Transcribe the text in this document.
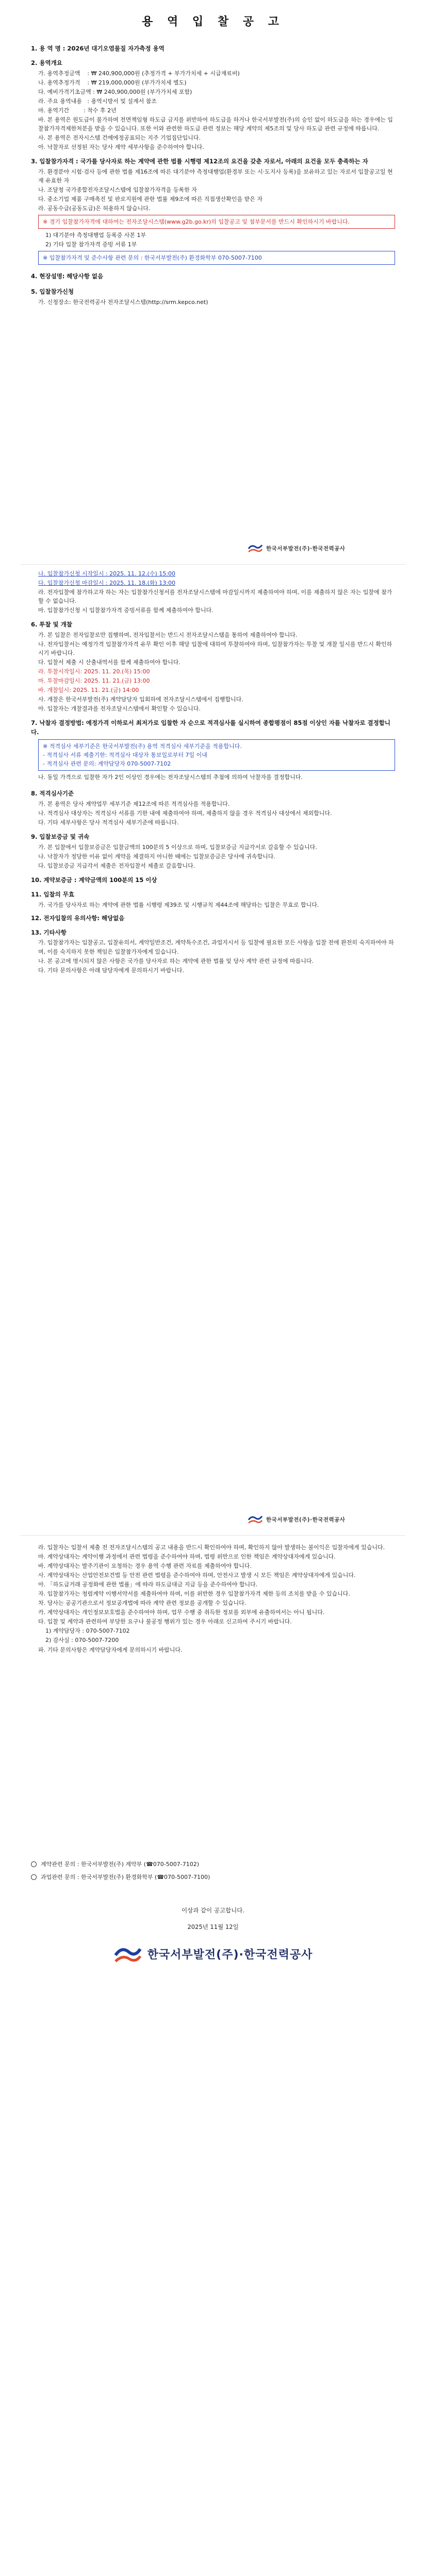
용 역 입 찰 공 고
1. 용 역 명 : 2026년 대기오염물질 자가측정 용역
2. 용역개요
가. 용역추정금액    : ₩ 240,900,000원 (추정가격 + 부가가치세 + 시급재료비)
나. 용역추정가격    : ₩ 219,000,000원 (부가가치세 별도)
다. 예비가격기초금액 : ₩ 240,900,000원 (부가가치세 포함)
라. 주요 용역내용   : 용역시방서 및 설계서 참조
마. 용역기간        : 착수 후 2년
바. 본 용역은 원도급이 불가하며 전면책임형 하도급 금지를 위반하여 하도급을 하거나 한국서부발전(주)의 승인 없이 하도급을 하는 경우에는 입찰참가자격제한처분을 받을 수 있습니다. 또한 이와 관련한 하도급 관련 정보는 해당 계약의 제5조의 및 당사 하도급 관련 규정에 따릅니다.
사. 본 용역은 전자시스템 건예에정공표되는 지주 기업집단입니다.
아. 낙찰자로 선정된 자는 당사 계약 세부사항을 준수하여야 합니다.
3. 입찰참가자격 : 국가를 당사자로 하는 계약에 관한 법률 시행령 제12조의 요건을 갖춘 자로서, 아래의 요건을 모두 충족하는 자
가. 환경분야 시험·검사 등에 관한 법률 제16조에 따른 대기분야 측정대행업(환경부 또는 시·도지사 등록)을 보유하고 있는 자로서 입찰공고일 현재 유효한 자
나. 조달청 국가종합전자조달시스템에 입찰참가자격을 등록한 자
다. 중소기업 제품 구매촉진 및 판로지원에 관한 법률 제9조에 따른 직접생산확인을 받은 자
라. 공동수급(공동도급)은 허용하지 않습니다.
※ 경기 입찰참가자격에 대하여는 전자조달시스템(www.g2b.go.kr)의 입찰공고 및 첨부문서를 반드시 확인하시기 바랍니다.
1) 대기분야 측정대행업 등록증 사본 1부
2) 기타 입찰 참가자격 증빙 서류 1부
※ 입찰참가자격 및 준수사항 관련 문의 : 한국서부발전(주) 환경화학부 070-5007-7100
4. 현장설명: 해당사항 없음
5. 입찰참가신청
가. 신청장소: 한국전력공사 전자조달시스템(http://srm.kepco.net)
한국서부발전(주)·한국전력공사
나. 입찰참가신청 시작일시 : 2025. 11. 12.(수) 15:00
다. 입찰참가신청 마감일시 : 2025. 11. 18.(화) 13:00
라. 전자입찰에 참가하고자 하는 자는 입찰참가신청서를 전자조달시스템에 마감일시까지 제출하여야 하며, 이를 제출하지 않은 자는 입찰에 참가할 수 없습니다.
마. 입찰참가신청 시 입찰참가자격 증빙서류를 함께 제출하여야 합니다.
6. 투찰 및 개찰
가. 본 입찰은 전자입찰로만 집행하며, 전자입찰서는 반드시 전자조달시스템을 통하여 제출하여야 합니다.
나. 전자입찰서는 예정가격 입찰참가자격 유무 확인 이후 해당 입찰에 대하여 투찰하여야 하며, 입찰참가자는 투찰 및 개찰 일시를 반드시 확인하시기 바랍니다.
다. 입찰서 제출 시 산출내역서를 함께 제출하여야 합니다.
라. 투찰시작일시: 2025. 11. 20.(목) 15:00
마. 투찰마감일시: 2025. 11. 21.(금) 13:00
바. 개찰일시: 2025. 11. 21.(금) 14:00
사. 개찰은 한국서부발전(주) 계약담당자 입회하에 전자조달시스템에서 집행합니다.
아. 입찰자는 개찰결과를 전자조달시스템에서 확인할 수 있습니다.
7. 낙찰자 결정방법: 예정가격 이하로서 최저가로 입찰한 자 순으로 적격심사를 실시하여 종합평점이 85점 이상인 자를 낙찰자로 결정합니다.
※ 적격심사 세부기준은 한국서부발전(주) 용역 적격심사 세부기준을 적용합니다.
- 적격심사 서류 제출기한: 적격심사 대상자 통보일로부터 7일 이내
- 적격심사 관련 문의: 계약담당자 070-5007-7102
나. 동일 가격으로 입찰한 자가 2인 이상인 경우에는 전자조달시스템의 추첨에 의하여 낙찰자를 결정합니다.
8. 적격심사기준
가. 본 용역은 당사 계약업무 세부기준 제12조에 따른 적격심사를 적용합니다.
나. 적격심사 대상자는 적격심사 서류를 기한 내에 제출하여야 하며, 제출하지 않을 경우 적격심사 대상에서 제외합니다.
다. 기타 세부사항은 당사 적격심사 세부기준에 따릅니다.
9. 입찰보증금 및 귀속
가. 본 입찰에서 입찰보증금은 입찰금액의 100분의 5 이상으로 하며, 입찰보증금 지급각서로 갈음할 수 있습니다.
나. 낙찰자가 정당한 이유 없이 계약을 체결하지 아니한 때에는 입찰보증금은 당사에 귀속합니다.
다. 입찰보증금 지급각서 제출은 전자입찰서 제출로 갈음합니다.
10. 계약보증금 : 계약금액의 100분의 15 이상
11. 입찰의 무효
가. 국가를 당사자로 하는 계약에 관한 법률 시행령 제39조 및 시행규칙 제44조에 해당하는 입찰은 무효로 합니다.
12. 전자입찰의 유의사항: 해당없음
13. 기타사항
가. 입찰참가자는 입찰공고, 입찰유의서, 계약일반조건, 계약특수조건, 과업지시서 등 입찰에 필요한 모든 사항을 입찰 전에 완전히 숙지하여야 하며, 이를 숙지하지 못한 책임은 입찰참가자에게 있습니다.
나. 본 공고에 명시되지 않은 사항은 국가를 당사자로 하는 계약에 관한 법률 및 당사 계약 관련 규정에 따릅니다.
다. 기타 문의사항은 아래 담당자에게 문의하시기 바랍니다.
한국서부발전(주)·한국전력공사
라. 입찰자는 입찰서 제출 전 전자조달시스템의 공고 내용을 반드시 확인하여야 하며, 확인하지 않아 발생하는 불이익은 입찰자에게 있습니다.
마. 계약상대자는 계약이행 과정에서 관련 법령을 준수하여야 하며, 법령 위반으로 인한 책임은 계약상대자에게 있습니다.
바. 계약상대자는 발주기관이 요청하는 경우 용역 수행 관련 자료를 제출하여야 합니다.
사. 계약상대자는 산업안전보건법 등 안전 관련 법령을 준수하여야 하며, 안전사고 발생 시 모든 책임은 계약상대자에게 있습니다.
아. 「하도급거래 공정화에 관한 법률」에 따라 하도급대금 지급 등을 준수하여야 합니다.
자. 입찰참가자는 청렴계약 이행서약서를 제출하여야 하며, 이를 위반한 경우 입찰참가자격 제한 등의 조치를 받을 수 있습니다.
차. 당사는 공공기관으로서 정보공개법에 따라 계약 관련 정보를 공개할 수 있습니다.
카. 계약상대자는 개인정보보호법을 준수하여야 하며, 업무 수행 중 취득한 정보를 외부에 유출하여서는 아니 됩니다.
타. 입찰 및 계약과 관련하여 부당한 요구나 불공정 행위가 있는 경우 아래로 신고하여 주시기 바랍니다.
1) 계약담당자 : 070-5007-7102
2) 감사실 : 070-5007-7200
파. 기타 문의사항은 계약담당자에게 문의하시기 바랍니다.
계약관련 문의 : 한국서부발전(주) 계약부 (☎070-5007-7102)
과업관련 문의 : 한국서부발전(주) 환경화학부 (☎070-5007-7100)
이상과 같이 공고합니다.
2025년 11월 12일
한국서부발전(주)·한국전력공사
